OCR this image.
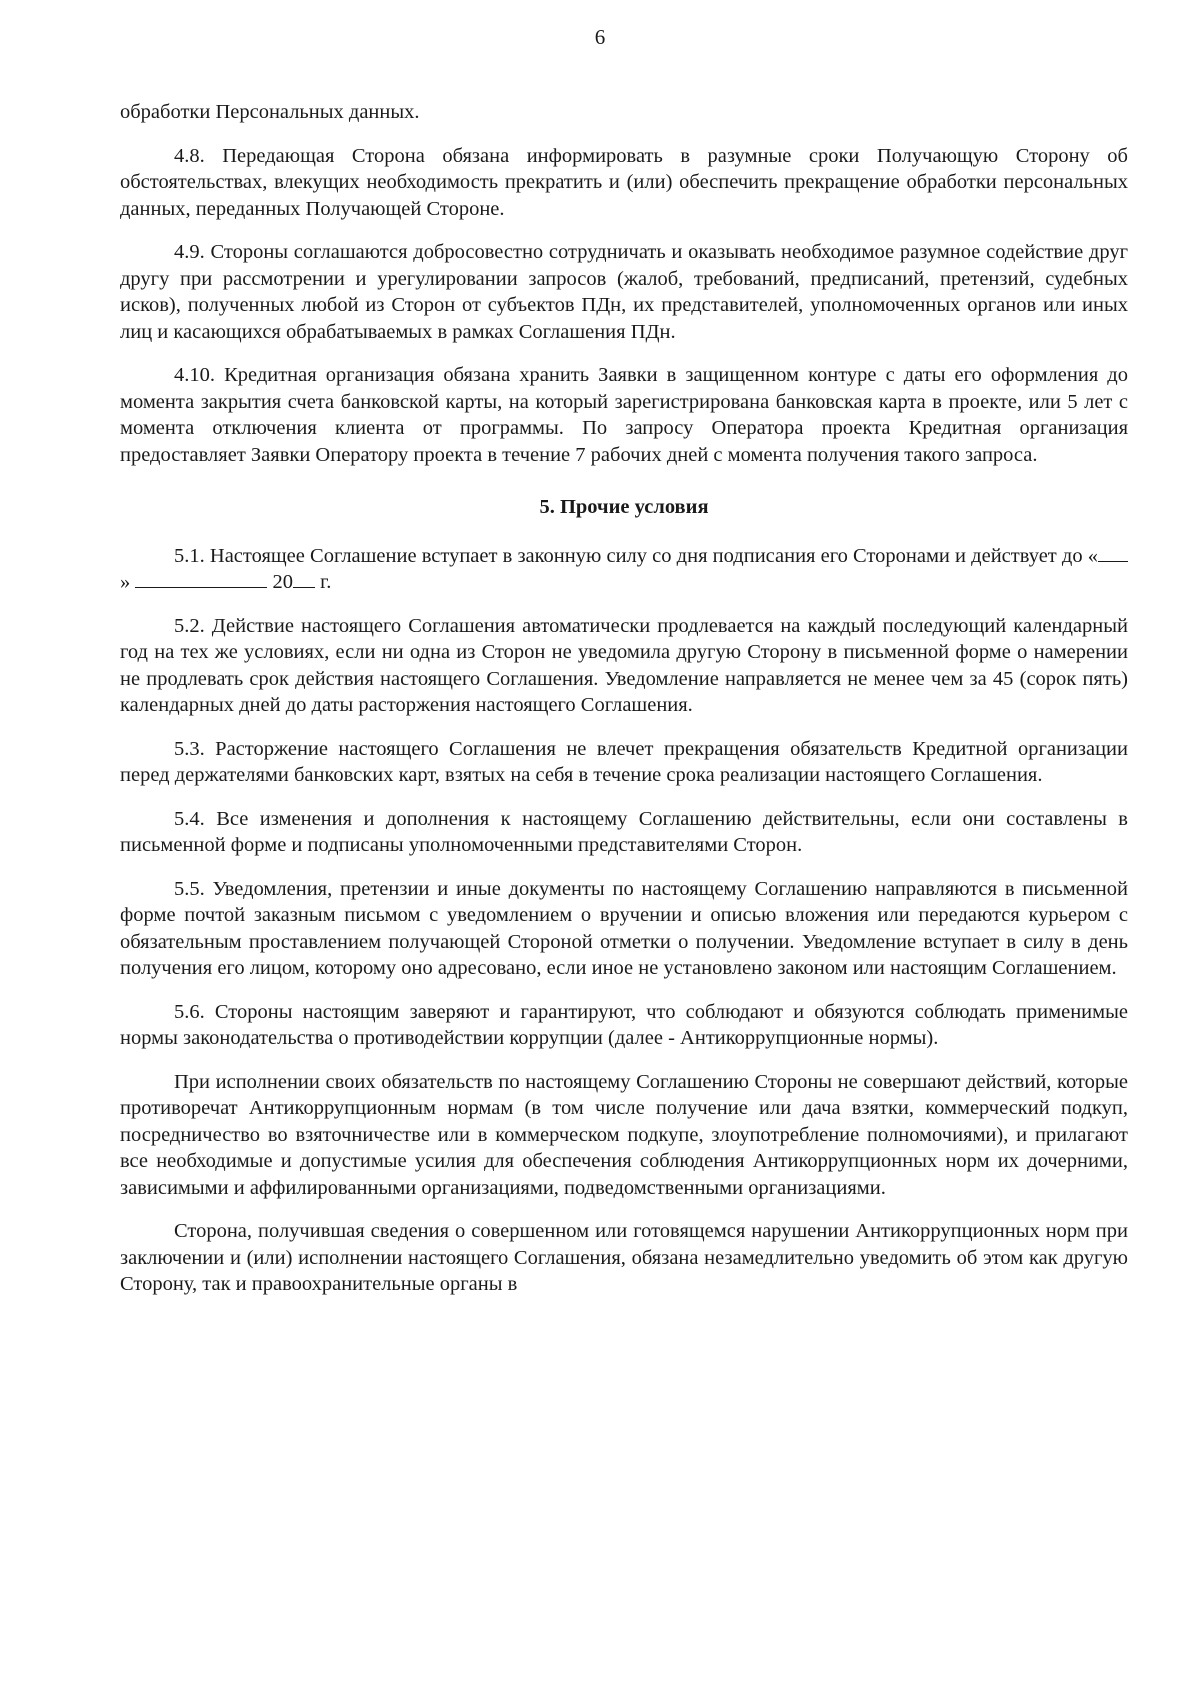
6

обработки Персональных данных.

4.8. Передающая Сторона обязана информировать в разумные сроки Получающую Сторону об обстоятельствах, влекущих необходимость прекратить и (или) обеспечить прекращение обработки персональных данных, переданных Получающей Стороне.

4.9. Стороны соглашаются добросовестно сотрудничать и оказывать необходимое разумное содействие друг другу при рассмотрении и урегулировании запросов (жалоб, требований, предписаний, претензий, судебных исков), полученных любой из Сторон от субъектов ПДн, их представителей, уполномоченных органов или иных лиц и касающихся обрабатываемых в рамках Соглашения ПДн.

4.10. Кредитная организация обязана хранить Заявки в защищенном контуре с даты его оформления до момента закрытия счета банковской карты, на который зарегистрирована банковская карта в проекте, или 5 лет с момента отключения клиента от программы. По запросу Оператора проекта Кредитная организация предоставляет Заявки Оператору проекта в течение 7 рабочих дней с момента получения такого запроса.

5. Прочие условия

5.1. Настоящее Соглашение вступает в законную силу со дня подписания его Сторонами и действует до «»	20 г.

5.2. Действие настоящего Соглашения автоматически продлевается на каждый последующий календарный год на тех же условиях, если ни одна из Сторон не уведомила другую Сторону в письменной форме о намерении не продлевать срок действия настоящего Соглашения. Уведомление направляется не менее чем за 45 (сорок пять) календарных дней до даты расторжения настоящего Соглашения.

5.3. Расторжение настоящего Соглашения не влечет прекращения обязательств Кредитной организации перед держателями банковских карт, взятых на себя в течение срока реализации настоящего Соглашения.

5.4. Все изменения и дополнения к настоящему Соглашению действительны, если они составлены в письменной форме и подписаны уполномоченными представителями Сторон.

5.5. Уведомления, претензии и иные документы по настоящему Соглашению направляются в письменной форме почтой заказным письмом с уведомлением о вручении и описью вложения или передаются курьером с обязательным проставлением получающей Стороной отметки о получении. Уведомление вступает в силу в день получения его лицом, которому оно адресовано, если иное не установлено законом или настоящим Соглашением.

5.6. Стороны настоящим заверяют и гарантируют, что соблюдают и обязуются соблюдать применимые нормы законодательства о противодействии коррупции (далее - Антикоррупционные нормы).

При исполнении своих обязательств по настоящему Соглашению Стороны не совершают действий, которые противоречат Антикоррупционным нормам (в том числе получение или дача взятки, коммерческий подкуп, посредничество во взяточничестве или в коммерческом подкупе, злоупотребление полномочиями), и прилагают все необходимые и допустимые усилия для обеспечения соблюдения Антикоррупционных норм их дочерними, зависимыми и аффилированными организациями, подведомственными организациями.

Сторона, получившая сведения о совершенном или готовящемся нарушении Антикоррупционных норм при заключении и (или) исполнении настоящего Соглашения, обязана незамедлительно уведомить об этом как другую Сторону, так и правоохранительные органы в
